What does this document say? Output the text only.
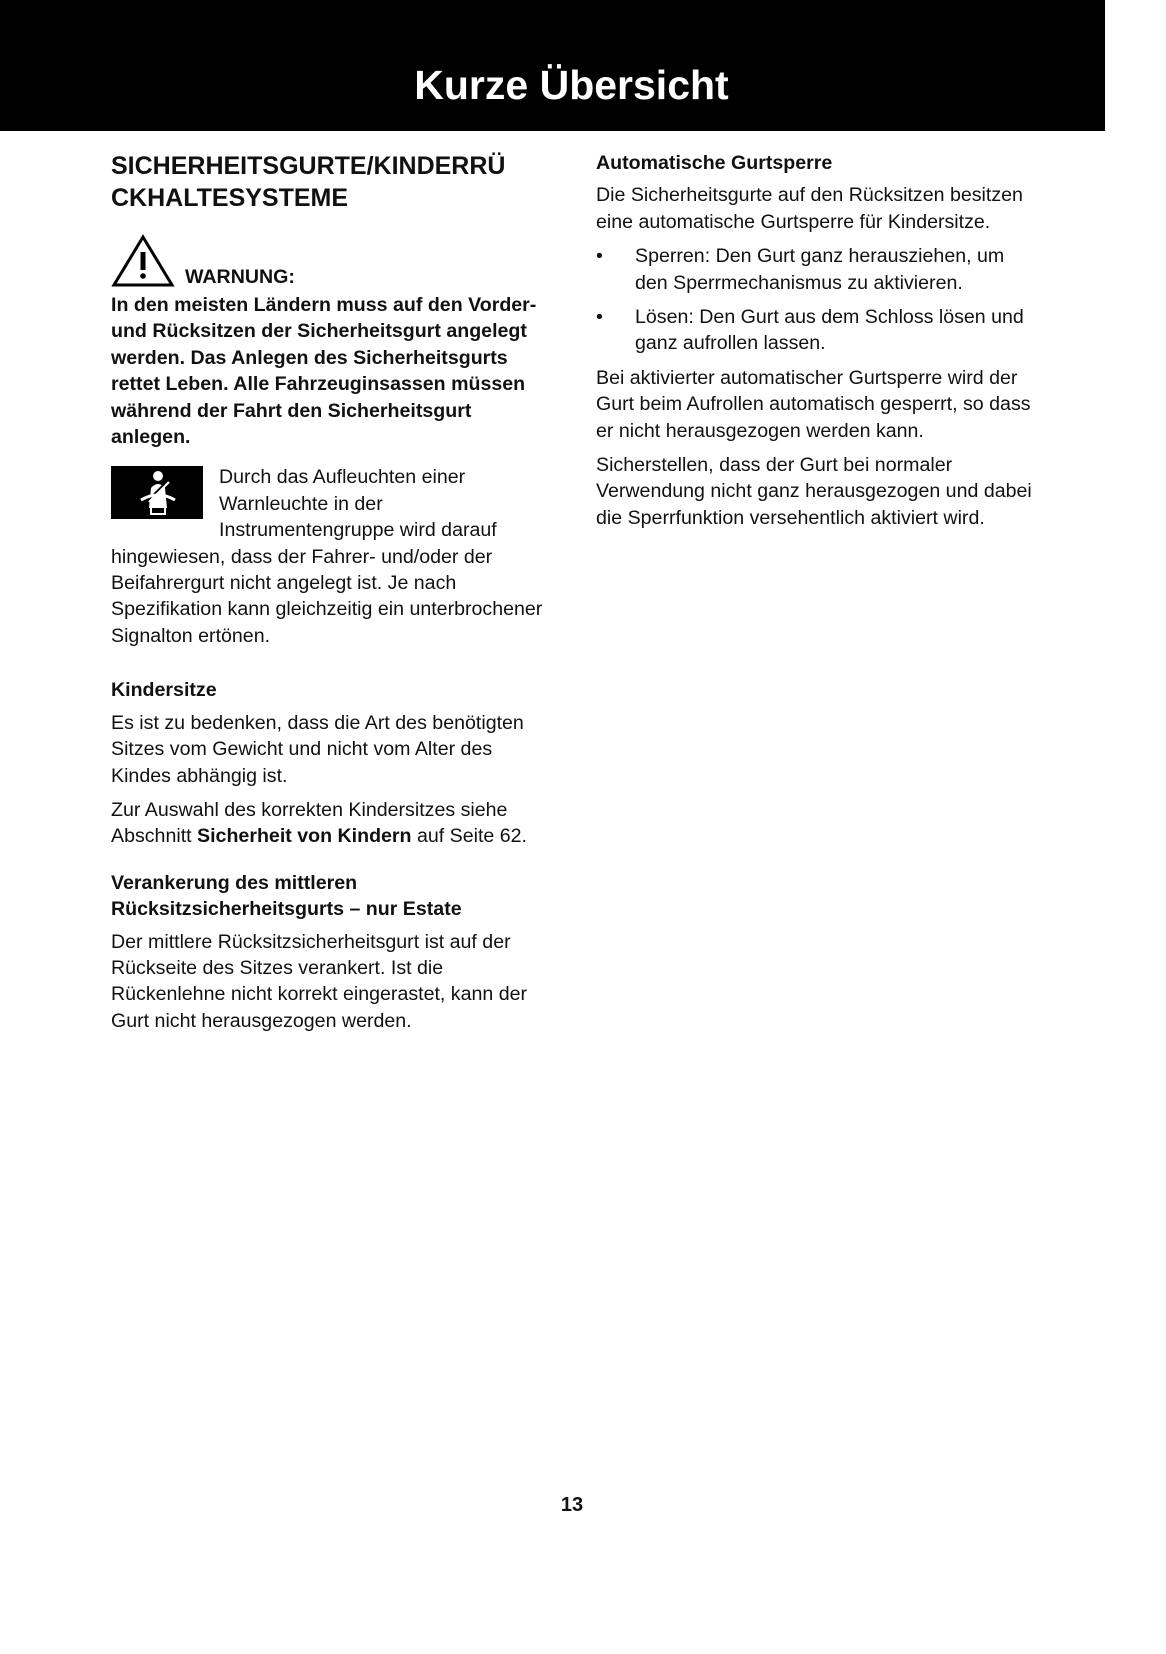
Kurze Übersicht
SICHERHEITSGURTE/KINDERRÜ CKHALTESYSTEME
WARNUNG:

In den meisten Ländern muss auf den Vorder- und Rücksitzen der Sicherheitsgurt angelegt werden. Das Anlegen des Sicherheitsgurts rettet Leben. Alle Fahrzeuginsassen müssen während der Fahrt den Sicherheitsgurt anlegen.

Durch das Aufleuchten einer Warnleuchte in der Instrumentengruppe wird darauf hingewiesen, dass der Fahrer- und/oder der Beifahrergurt nicht angelegt ist. Je nach Spezifikation kann gleichzeitig ein unterbrochener Signalton ertönen.

Kindersitze

Es ist zu bedenken, dass die Art des benötigten Sitzes vom Gewicht und nicht vom Alter des Kindes abhängig ist.

Zur Auswahl des korrekten Kindersitzes siehe Abschnitt Sicherheit von Kindern auf Seite 62.

Verankerung des mittleren Rücksitzsicherheitsgurts – nur Estate

Der mittlere Rücksitzsicherheitsgurt ist auf der Rückseite des Sitzes verankert. Ist die Rückenlehne nicht korrekt eingerastet, kann der Gurt nicht herausgezogen werden.

Automatische Gurtsperre

Die Sicherheitsgurte auf den Rücksitzen besitzen eine automatische Gurtsperre für Kindersitze.

• Sperren: Den Gurt ganz herausziehen, um den Sperrmechanismus zu aktivieren.
• Lösen: Den Gurt aus dem Schloss lösen und ganz aufrollen lassen.

Bei aktivierter automatischer Gurtsperre wird der Gurt beim Aufrollen automatisch gesperrt, so dass er nicht herausgezogen werden kann.

Sicherstellen, dass der Gurt bei normaler Verwendung nicht ganz herausgezogen und dabei die Sperrfunktion versehentlich aktiviert wird.

13
